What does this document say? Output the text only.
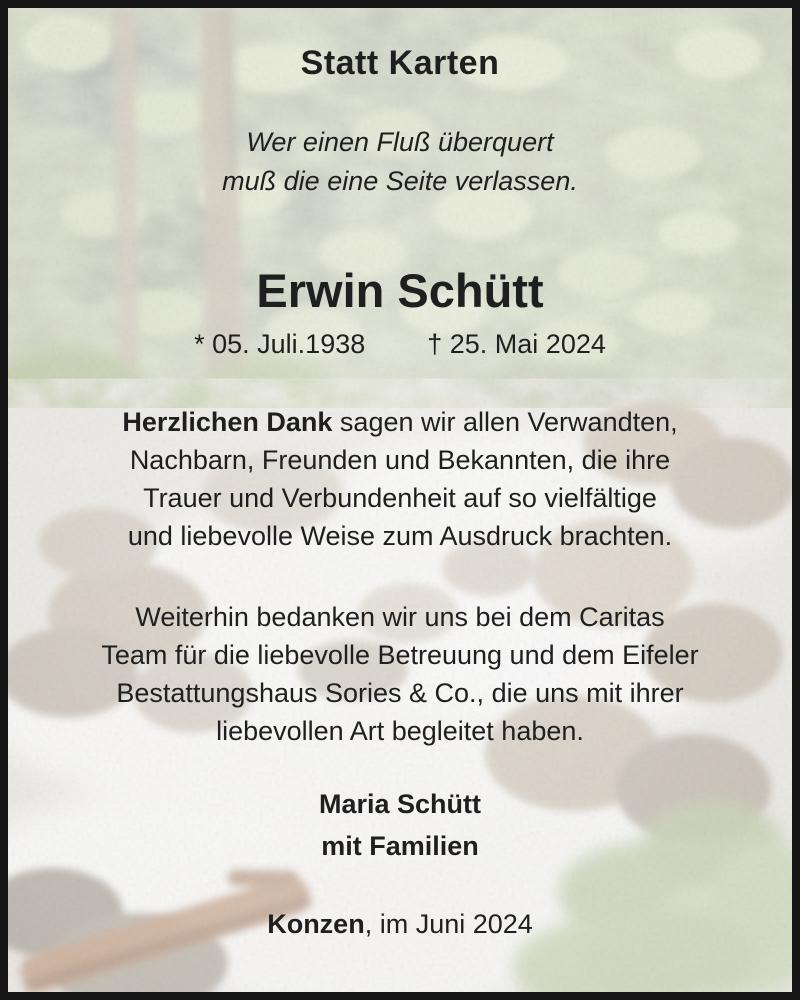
Statt Karten
Wer einen Fluß überquert
muß die eine Seite verlassen.
Erwin Schütt
* 05. Juli.1938 † 25. Mai 2024
Herzlichen Dank sagen wir allen Verwandten,
Nachbarn, Freunden und Bekannten, die ihre
Trauer und Verbundenheit auf so vielfältige
und liebevolle Weise zum Ausdruck brachten.
Weiterhin bedanken wir uns bei dem Caritas
Team für die liebevolle Betreuung und dem Eifeler
Bestattungshaus Sories & Co., die uns mit ihrer
liebevollen Art begleitet haben.
Maria Schütt
mit Familien
Konzen, im Juni 2024
